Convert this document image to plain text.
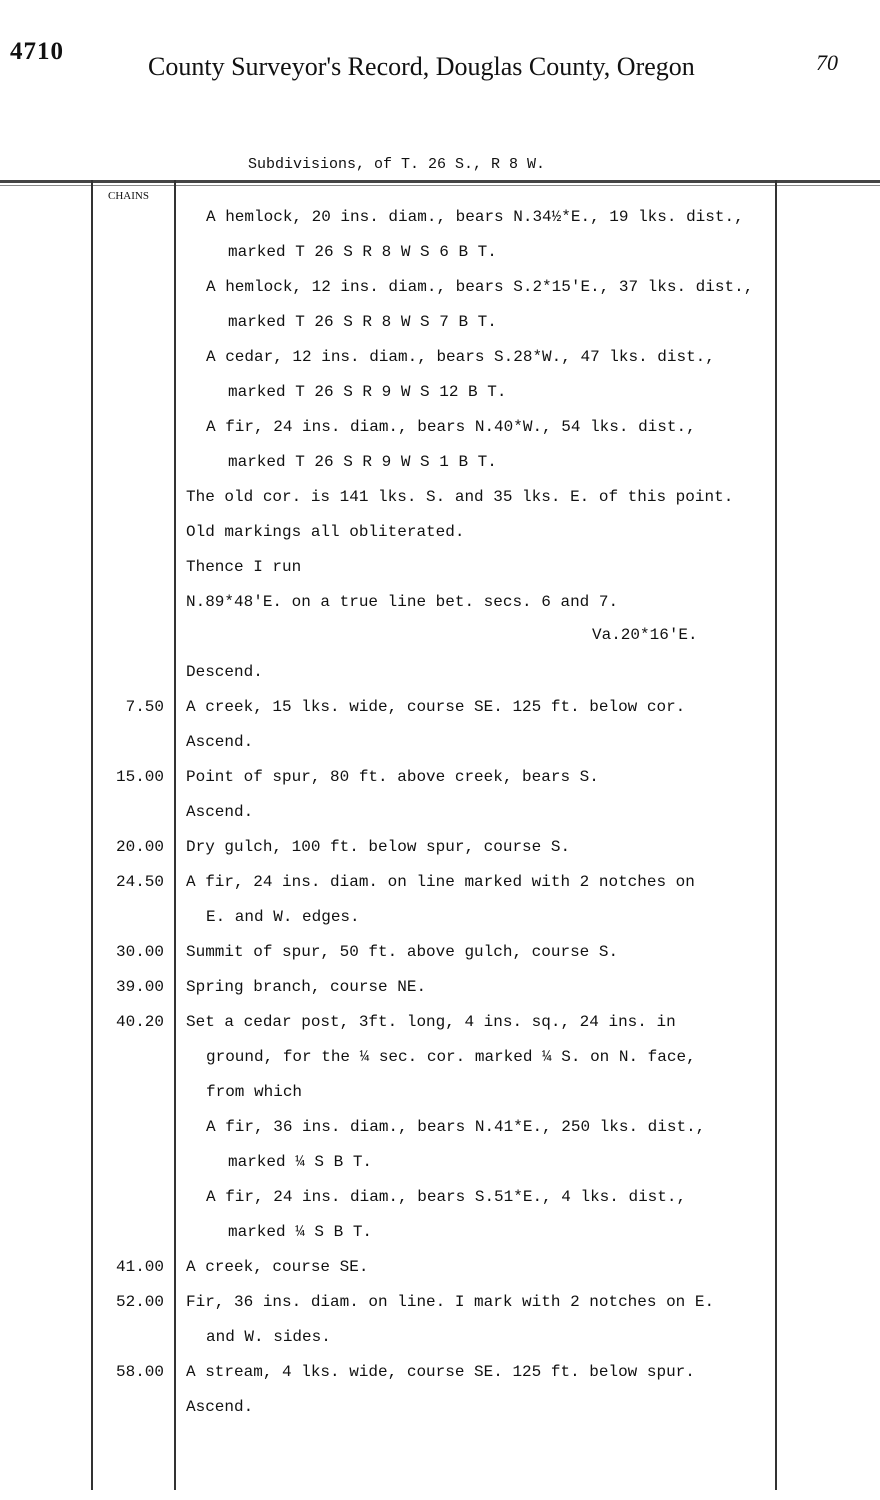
4710
County Surveyor's Record, Douglas County, Oregon	70
Subdivisions, of T. 26 S., R 8 W.
CHAINS
A hemlock, 20 ins. diam., bears N.34½*E., 19 lks. dist.,
marked T 26 S R 8 W S 6 B T.
A hemlock, 12 ins. diam., bears S.2*15'E., 37 lks. dist.,
marked T 26 S R 8 W S 7 B T.
A cedar, 12 ins. diam., bears S.28*W., 47 lks. dist.,
marked T 26 S R 9 W S 12 B T.
A fir, 24 ins. diam., bears N.40*W., 54 lks. dist.,
marked T 26 S R 9 W S 1 B T.
The old cor. is 141 lks. S. and 35 lks. E. of this point.
Old markings all obliterated.
Thence I run
N.89*48'E. on a true line bet. secs. 6 and 7.
Va.20*16'E.
Descend.
7.50 A creek, 15 lks. wide, course SE. 125 ft. below cor.
Ascend.
15.00 Point of spur, 80 ft. above creek, bears S.
Ascend.
20.00 Dry gulch, 100 ft. below spur, course S.
24.50 A fir, 24 ins. diam. on line marked with 2 notches on
E. and W. edges.
30.00 Summit of spur, 50 ft. above gulch, course S.
39.00 Spring branch, course NE.
40.20 Set a cedar post, 3ft. long, 4 ins. sq., 24 ins. in
ground, for the ¼ sec. cor. marked ¼ S. on N. face,
from which
A fir, 36 ins. diam., bears N.41*E., 250 lks. dist.,
marked ¼ S B T.
A fir, 24 ins. diam., bears S.51*E., 4 lks. dist.,
marked ¼ S B T.
41.00 A creek, course SE.
52.00 Fir, 36 ins. diam. on line. I mark with 2 notches on E.
and W. sides.
58.00 A stream, 4 lks. wide, course SE. 125 ft. below spur.
Ascend.
